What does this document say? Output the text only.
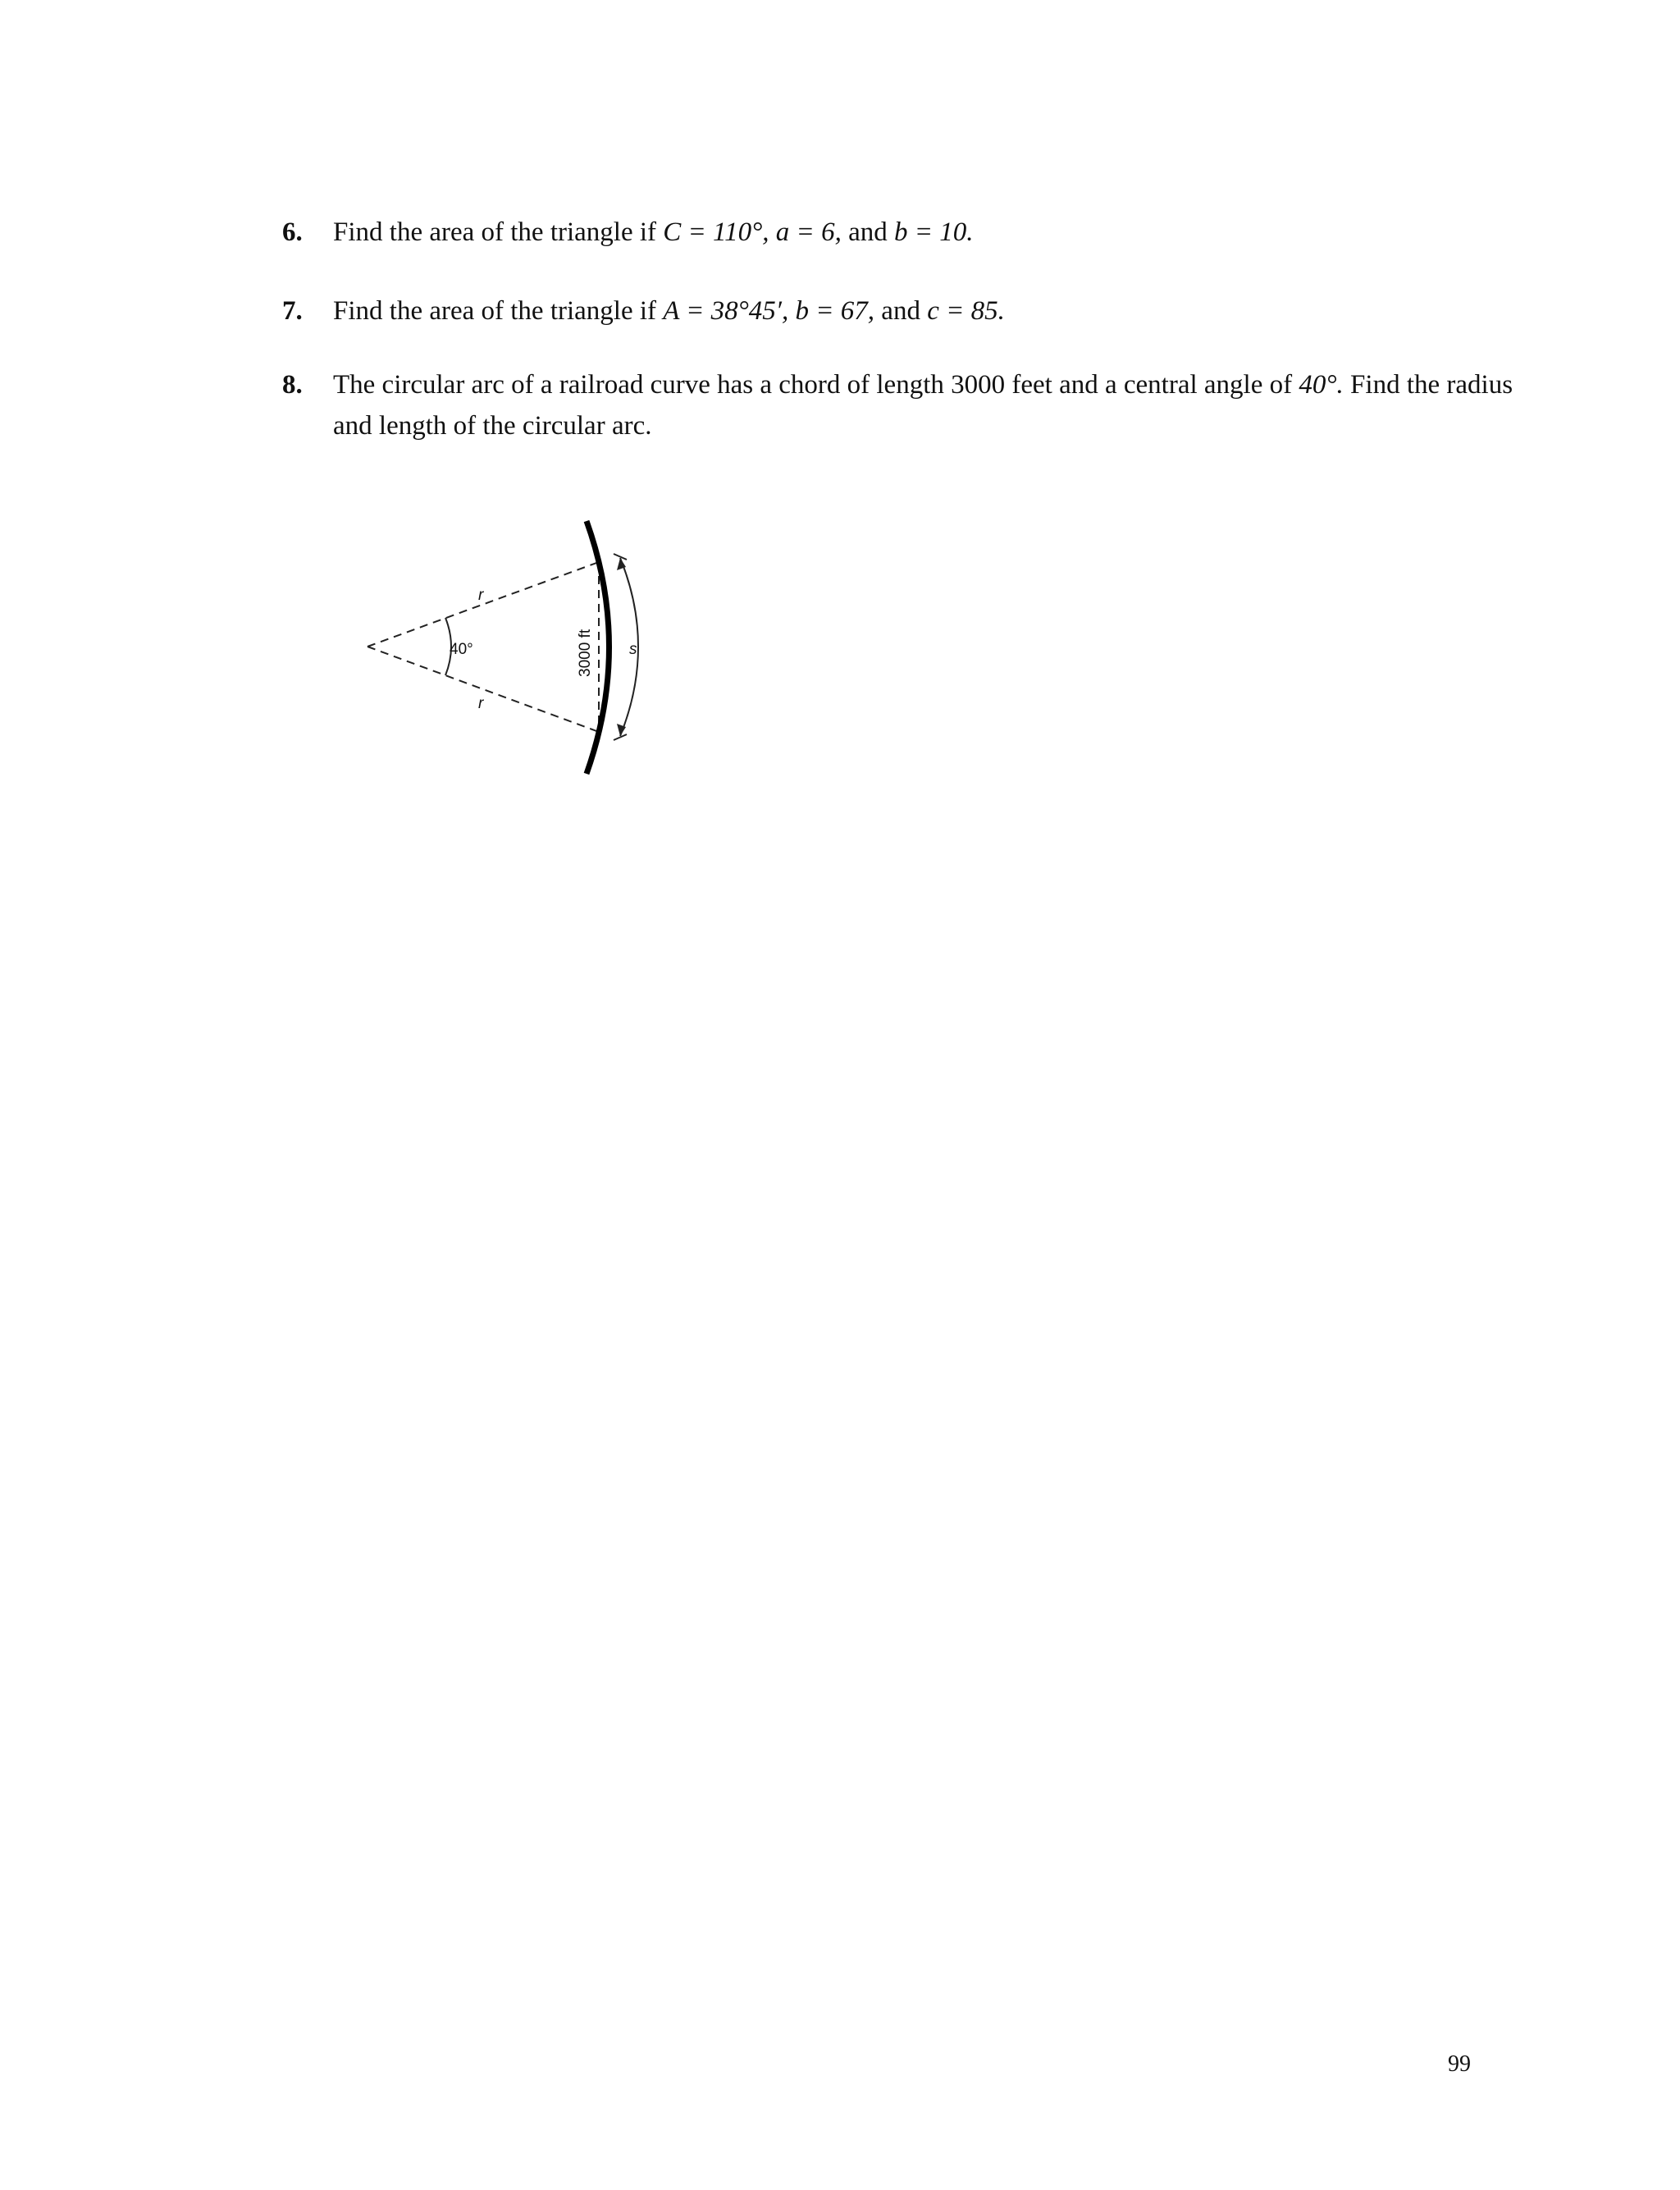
6. Find the area of the triangle if C = 110°, a = 6, and b = 10.
7. Find the area of the triangle if A = 38°45′, b = 67, and c = 85.
8. The circular arc of a railroad curve has a chord of length 3000 feet and a central angle of 40°. Find the radius and length of the circular arc.
40°
r
r
3000 ft s
99
